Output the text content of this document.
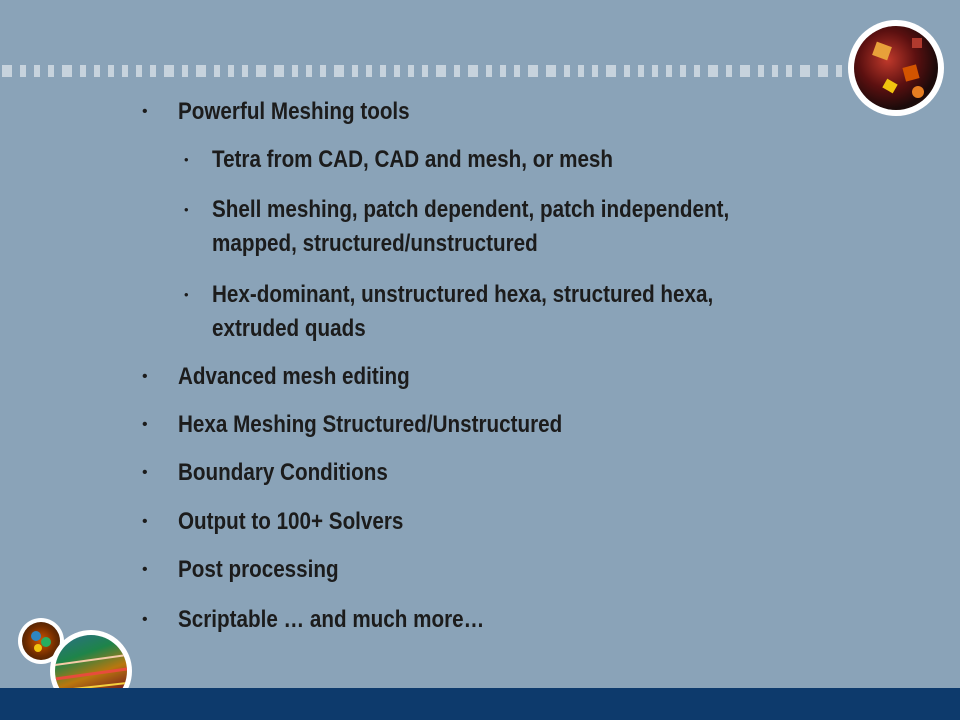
• Powerful Meshing tools
• Tetra from CAD, CAD and mesh, or mesh
• Shell meshing, patch dependent, patch independent,
mapped, structured/unstructured
• Hex-dominant, unstructured hexa, structured hexa,
extruded quads
• Advanced mesh editing
• Hexa Meshing Structured/Unstructured
• Boundary Conditions
• Output to 100+ Solvers
• Post processing
• Scriptable … and much more…
